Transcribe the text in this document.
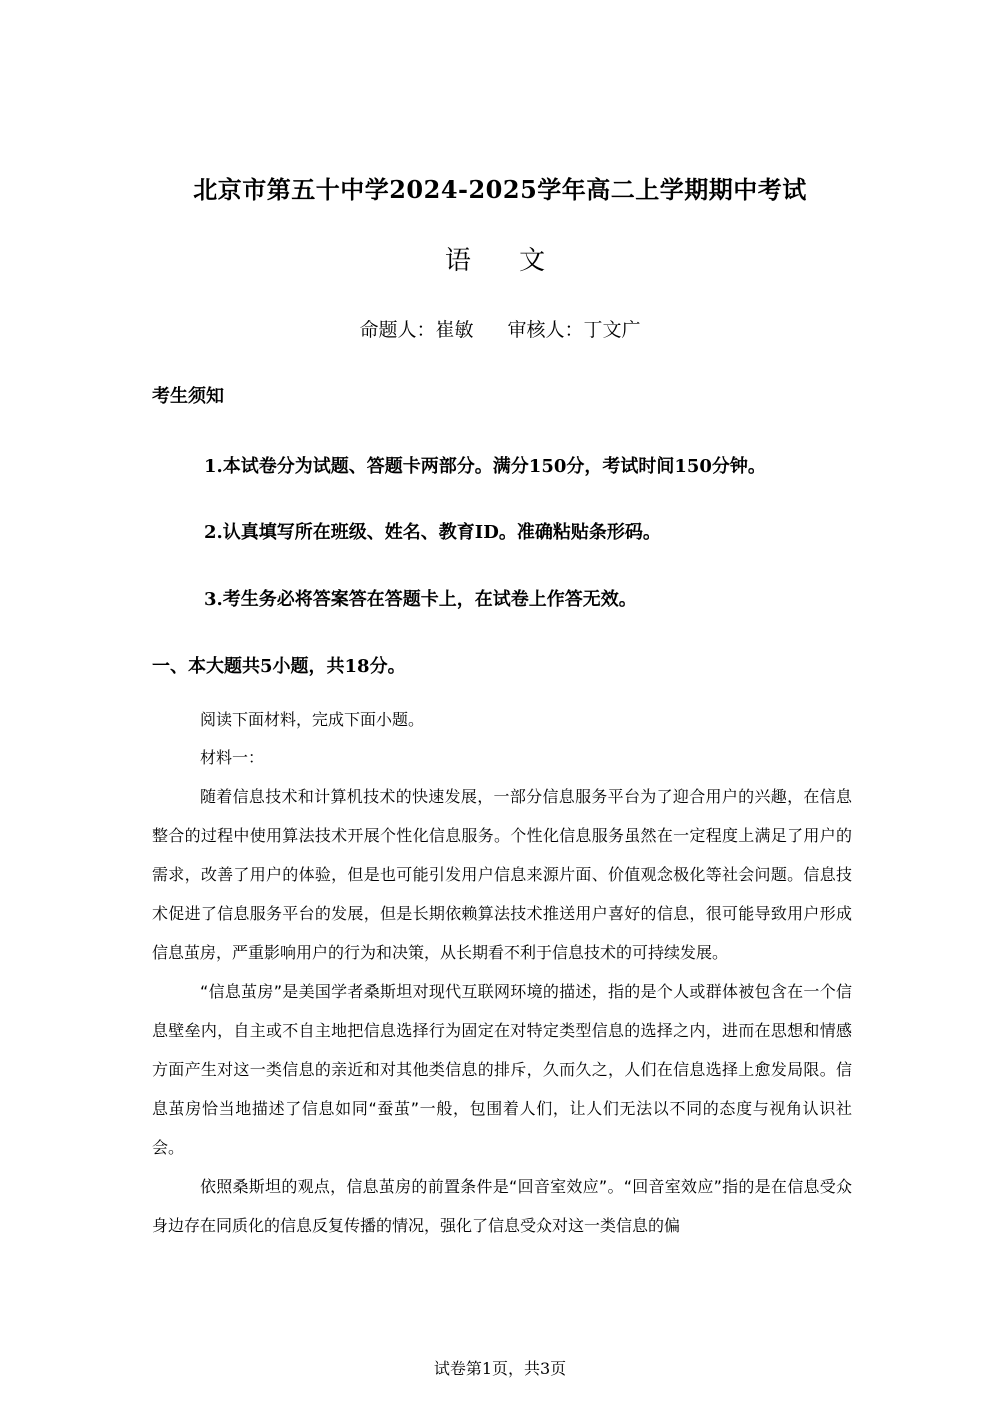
北京市第五十中学2024-2025学年高二上学期期中考试
语 文
命题人：崔敏 审核人：丁文广
考生须知
1.本试卷分为试题、答题卡两部分。满分150分，考试时间150分钟。
2.认真填写所在班级、姓名、教育ID。准确粘贴条形码。
3.考生务必将答案答在答题卡上，在试卷上作答无效。
一、本大题共5小题，共18分。
阅读下面材料，完成下面小题。
材料一：

随着信息技术和计算机技术的快速发展，一部分信息服务平台为了迎合用户的兴趣，在信息整合的过程中使用算法技术开展个性化信息服务。个性化信息服务虽然在一定程度上满足了用户的需求，改善了用户的体验，但是也可能引发用户信息来源片面、价值观念极化等社会问题。信息技术促进了信息服务平台的发展，但是长期依赖算法技术推送用户喜好的信息，很可能导致用户形成信息茧房，严重影响用户的行为和决策，从长期看不利于信息技术的可持续发展。

“信息茧房”是美国学者桑斯坦对现代互联网环境的描述，指的是个人或群体被包含在一个信息壁垒内，自主或不自主地把信息选择行为固定在对特定类型信息的选择之内，进而在思想和情感方面产生对这一类信息的亲近和对其他类信息的排斥，久而久之，人们在信息选择上愈发局限。信息茧房恰当地描述了信息如同“蚕茧”一般，包围着人们，让人们无法以不同的态度与视角认识社会。

依照桑斯坦的观点，信息茧房的前置条件是“回音室效应”。“回音室效应”指的是在信息受众身边存在同质化的信息反复传播的情况，强化了信息受众对这一类信息的偏

试卷第1页，共3页
